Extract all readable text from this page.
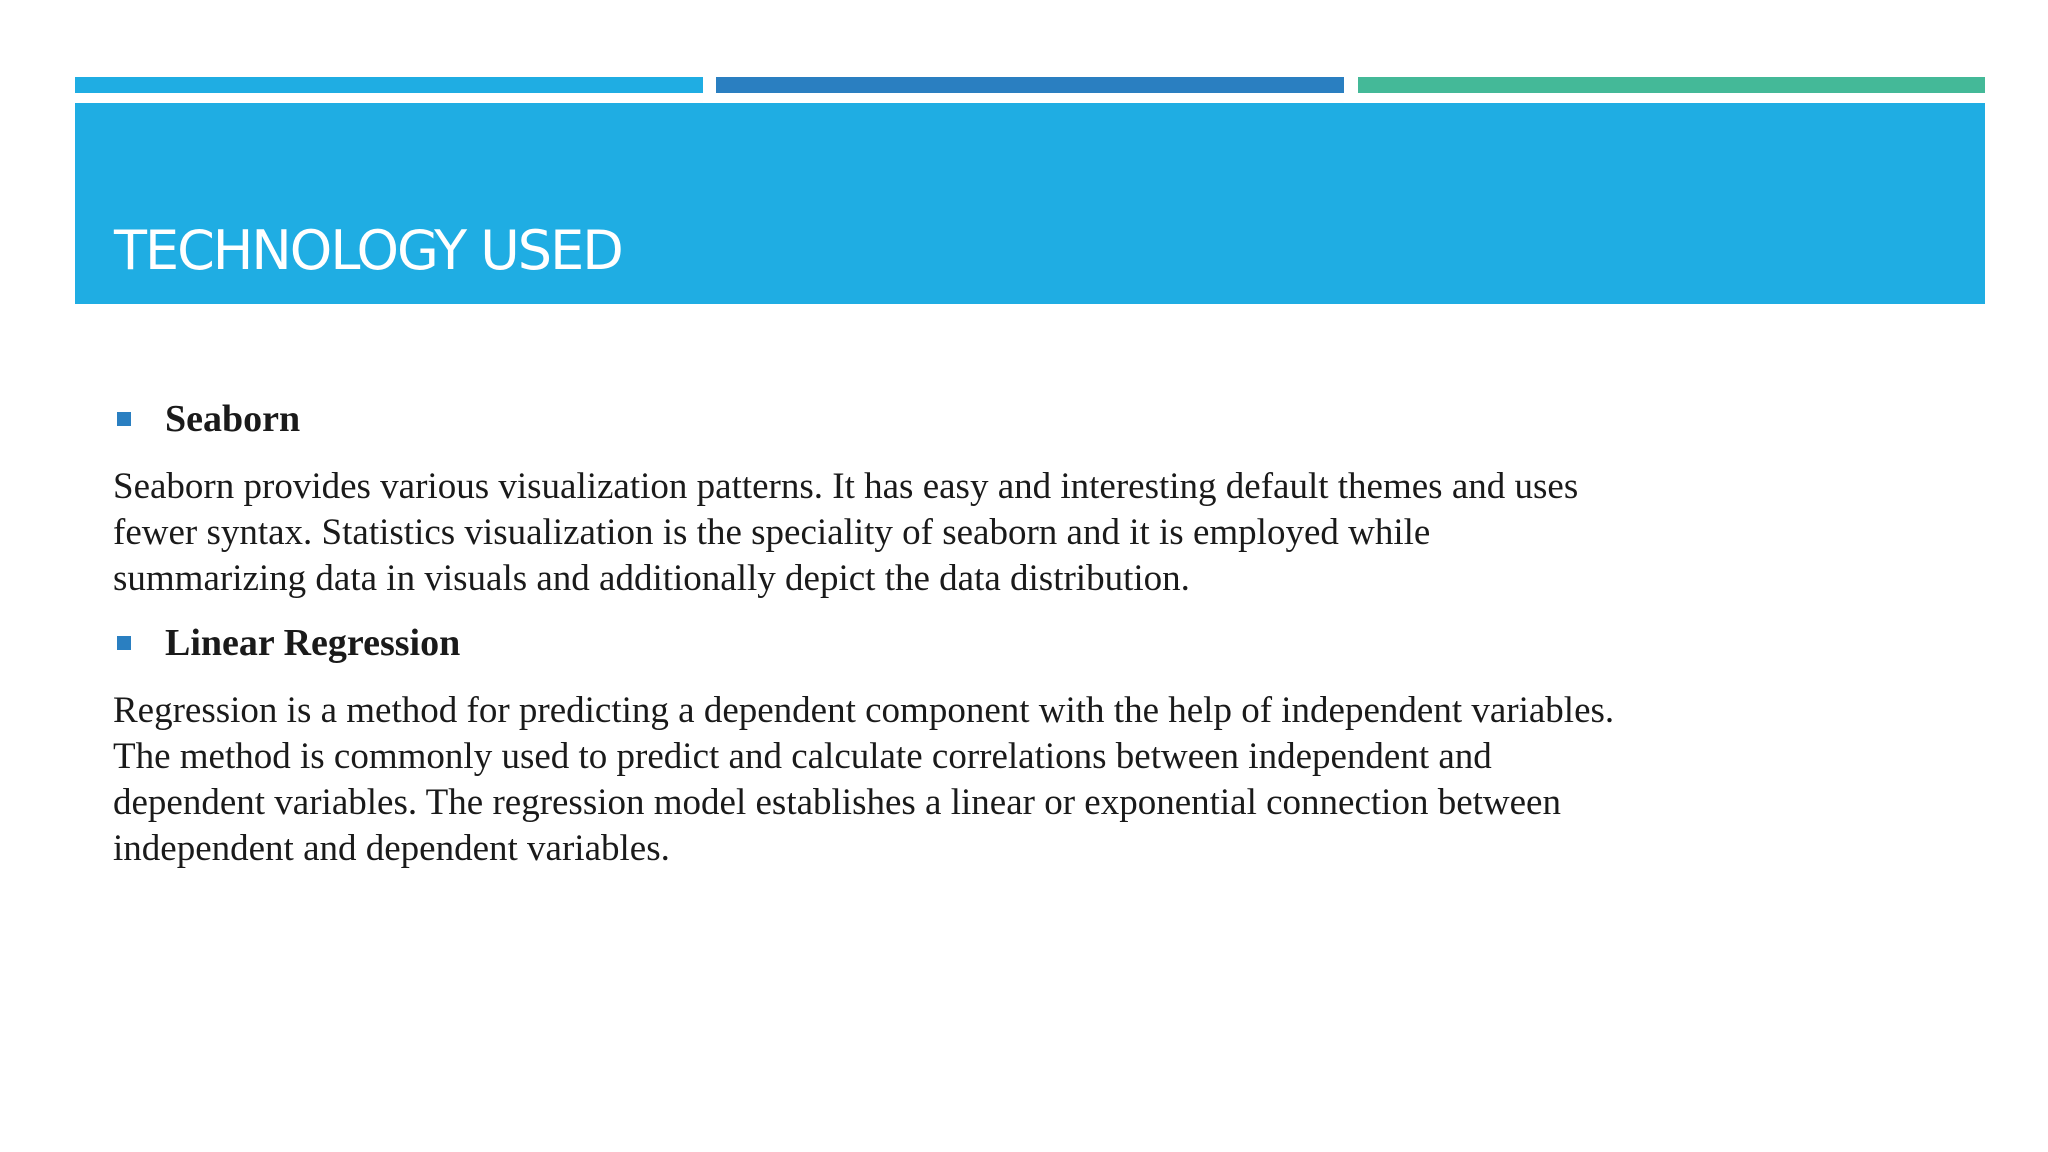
TECHNOLOGY USED
Seaborn

Seaborn provides various visualization patterns. It has easy and interesting default themes and uses
fewer syntax. Statistics visualization is the speciality of seaborn and it is employed while
summarizing data in visuals and additionally depict the data distribution.

Linear Regression

Regression is a method for predicting a dependent component with the help of independent variables.
The method is commonly used to predict and calculate correlations between independent and
dependent variables. The regression model establishes a linear or exponential connection between
independent and dependent variables.
